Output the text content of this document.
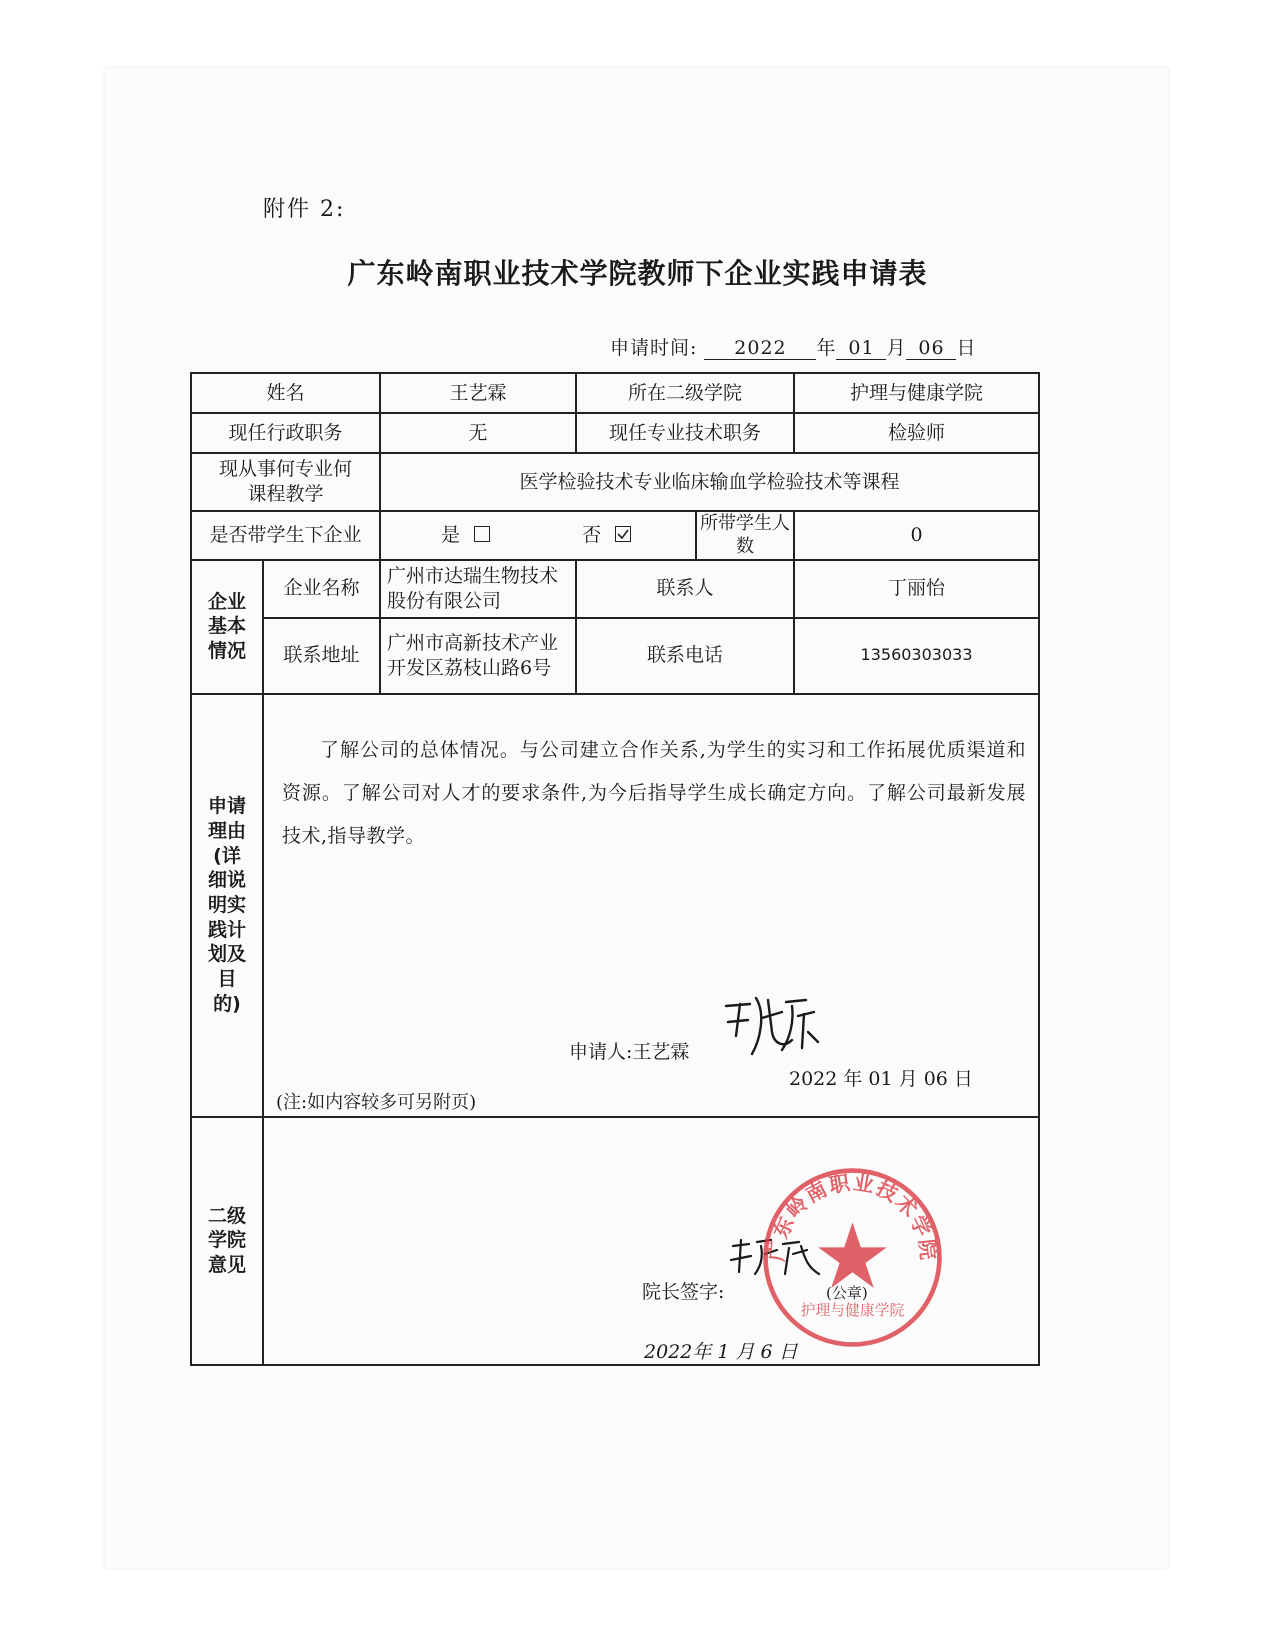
附件 2:
广东岭南职业技术学院教师下企业实践申请表
申请时间: 2022 年 01 月 06 日
姓名		王艺霖	所在二级学院		护理与健康学院
现任行政职务		无	现任专业技术职务		检验师
现从事何专业何课程教学		医学检验技术专业临床输血学检验技术等课程			
是否带学生下企业		是 否		所带学生人数	0
企业基本情况	企业名称	广州市达瑞生物技术股份有限公司	联系人		丁丽怡
	联系地址	广州市高新技术产业开发区荔枝山路6号	联系电话		13560303033
申请理由(详细说明实践计划及目的)	了解公司的总体情况。与公司建立合作关系,为学生的实习和工作拓展优质渠道和资源。了解公司对人才的要求条件,为今后指导学生成长确定方向。了解公司最新发展技术,指导教学。
申请人:王艺霖
2022 年 01 月 06 日
(注:如内容较多可另附页)				

二级学院意见	院长签字: (公章)
2022年 1 月 6 日				
广东岭南职业技术学院
护理与健康学院
